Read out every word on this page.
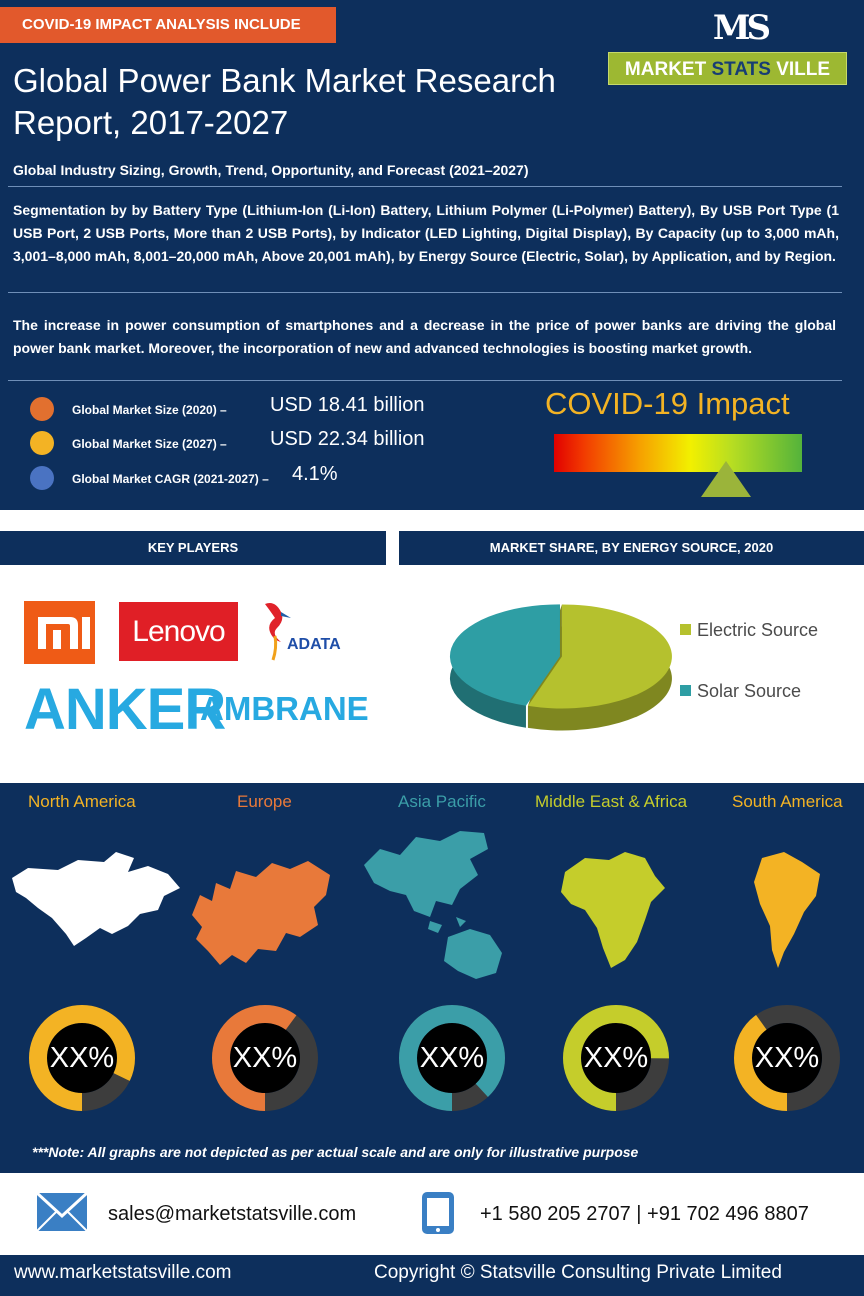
COVID-19 IMPACT ANALYSIS INCLUDE	MS
MARKET STATS VILLE
Global Power Bank Market Research Report, 2017-2027
Global Industry Sizing, Growth, Trend, Opportunity, and Forecast (2021–2027)
Segmentation by by Battery Type (Lithium-Ion (Li-Ion) Battery, Lithium Polymer (Li-Polymer) Battery), By USB Port Type (1 USB Port, 2 USB Ports, More than 2 USB Ports), by Indicator (LED Lighting, Digital Display), By Capacity (up to 3,000 mAh, 3,001–8,000 mAh, 8,001–20,000 mAh, Above 20,001 mAh), by Energy Source (Electric, Solar), by Application, and by Region.
The increase in power consumption of smartphones and a decrease in the price of power banks are driving the global power bank market. Moreover, the incorporation of new and advanced technologies is boosting market growth.
Global Market Size (2020) – USD 18.41 billion
Global Market Size (2027) – USD 22.34 billion
Global Market CAGR (2021-2027) – 4.1%
COVID-19 Impact
KEY PLAYERS	MARKET SHARE, BY ENERGY SOURCE, 2020
Lenovo	ADATA
ANKER
AMBRANE
Electric Source
Solar Source
North America	Europe	Asia Pacific	Middle East & Africa	South America
XX%	XX%	XX%	XX%	XX%
***Note: All graphs are not depicted as per actual scale and are only for illustrative purpose
sales@marketstatsville.com	+1 580 205 2707 | +91 702 496 8807
www.marketstatsville.com	Copyright © Statsville Consulting Private Limited
